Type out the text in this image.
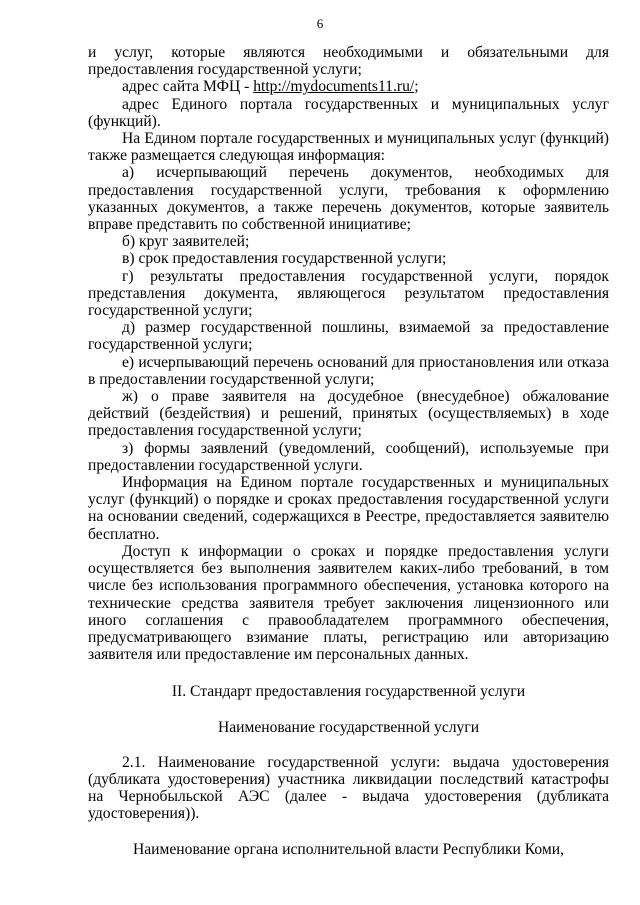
6

и услуг, которые являются необходимыми и обязательными для предоставления государственной услуги;

адрес сайта МФЦ - http://mydocuments11.ru/;

адрес Единого портала государственных и муниципальных услуг (функций).

На Едином портале государственных и муниципальных услуг (функций) также размещается следующая информация:

а) исчерпывающий перечень документов, необходимых для предоставления государственной услуги, требования к оформлению указанных документов, а также перечень документов, которые заявитель вправе представить по собственной инициативе;

б) круг заявителей;

в) срок предоставления государственной услуги;

г) результаты предоставления государственной услуги, порядок представления документа, являющегося результатом предоставления государственной услуги;

д) размер государственной пошлины, взимаемой за предоставление государственной услуги;

е) исчерпывающий перечень оснований для приостановления или отказа в предоставлении государственной услуги;

ж) о праве заявителя на досудебное (внесудебное) обжалование действий (бездействия) и решений, принятых (осуществляемых) в ходе предоставления государственной услуги;

з) формы заявлений (уведомлений, сообщений), используемые при предоставлении государственной услуги.

Информация на Едином портале государственных и муниципальных услуг (функций) о порядке и сроках предоставления государственной услуги на основании сведений, содержащихся в Реестре, предоставляется заявителю бесплатно.

Доступ к информации о сроках и порядке предоставления услуги осуществляется без выполнения заявителем каких-либо требований, в том числе без использования программного обеспечения, установка которого на технические средства заявителя требует заключения лицензионного или иного соглашения с правообладателем программного обеспечения, предусматривающего взимание платы, регистрацию или авторизацию заявителя или предоставление им персональных данных.

II. Стандарт предоставления государственной услуги

Наименование государственной услуги

2.1. Наименование государственной услуги: выдача удостоверения (дубликата удостоверения) участника ликвидации последствий катастрофы на Чернобыльской АЭС (далее - выдача удостоверения (дубликата удостоверения)).

Наименование органа исполнительной власти Республики Коми,
